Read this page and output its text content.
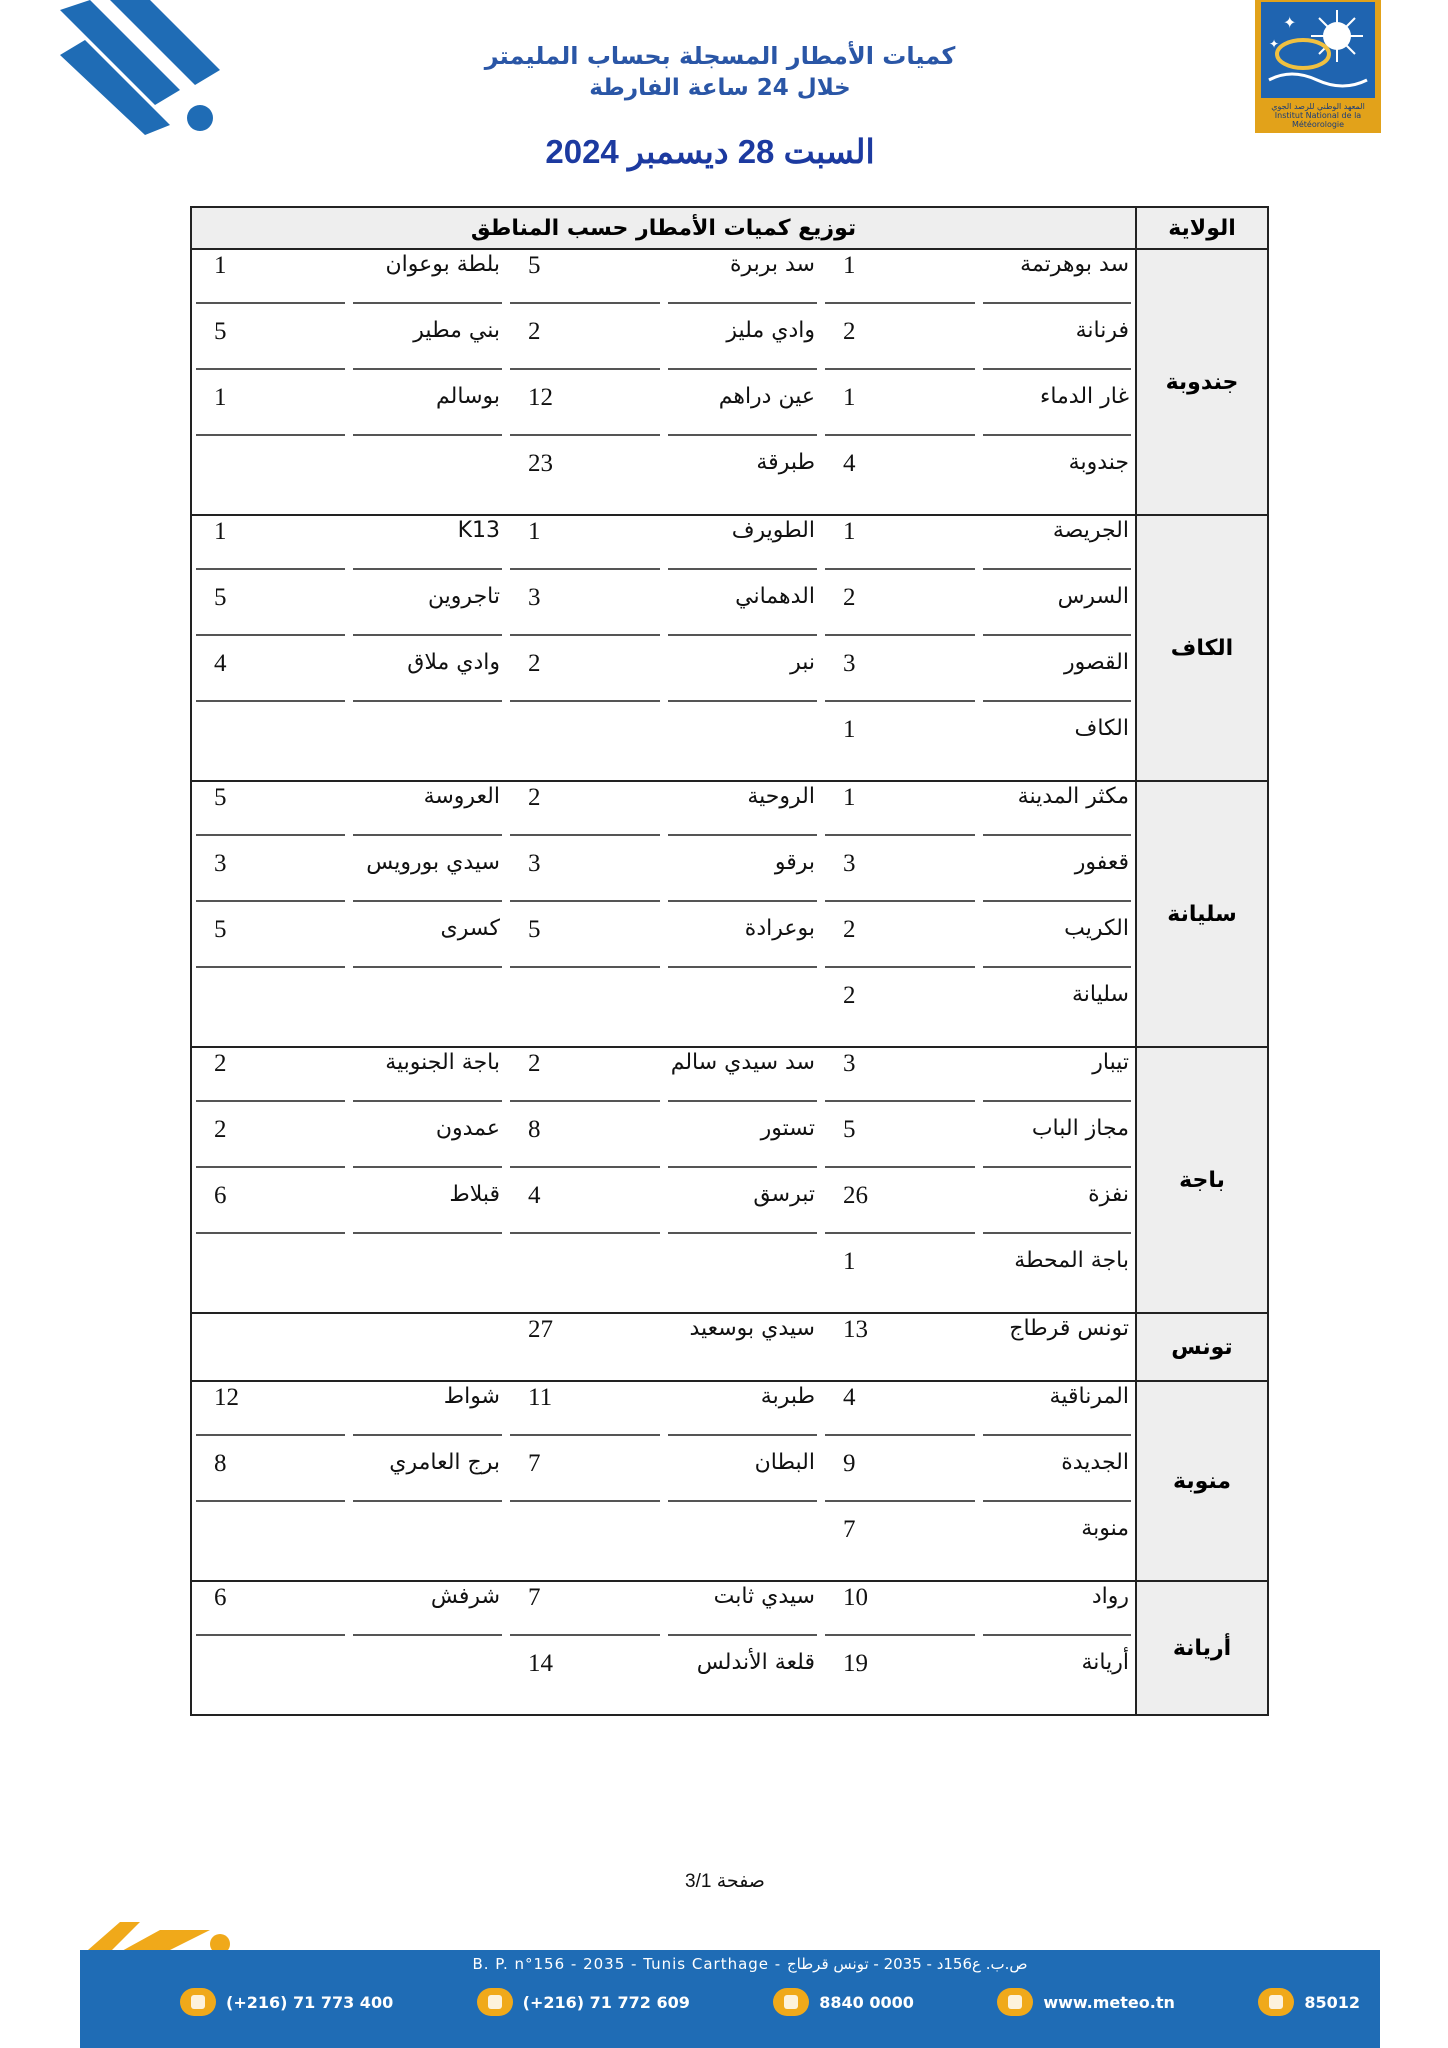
✦
✦
المعهد الوطني للرصد الجوي Institut National de la Météorologie
كميات الأمطار المسجلة بحساب المليمتر
خلال 24 ساعة الفارطة
السبت 28 ديسمبر 2024
الولاية	توزيع كميات الأمطار حسب المناطق					
جندوبة	سد بوهرتمة	1	سد بربرة	5	بلطة بوعوان	1

	فرنانة	2	وادي مليز	2	بني مطير	5

	غار الدماء	1	عين دراهم	12	بوسالم	1

	جندوبة	4	طبرقة	23		

الكاف	الجريصة	1	الطويرف	1	K13	1

	السرس	2	الدهماني	3	تاجروين	5

	القصور	3	نبر	2	وادي ملاق	4

	الكاف	1				

سليانة	مكثر المدينة	1	الروحية	2	العروسة	5

	قعفور	3	برقو	3	سيدي بورويس	3

	الكريب	2	بوعرادة	5	كسرى	5

	سليانة	2				

باجة	تيبار	3	سد سيدي سالم	2	باجة الجنوبية	2

	مجاز الباب	5	تستور	8	عمدون	2

	نفزة	26	تبرسق	4	قبلاط	6

	باجة المحطة	1				

تونس	تونس قرطاج	13	سيدي بوسعيد	27		

منوبة	المرناقية	4	طبربة	11	شواط	12

	الجديدة	9	البطان	7	برج العامري	8

	منوبة	7				

أريانة	رواد	10	سيدي ثابت	7	شرفش	6

	أريانة	19	قلعة الأندلس	14		

صفحة 3/1
B. P. n°156 - 2035 - Tunis Carthage - ص.ب. ع156د - 2035 - تونس قرطاج
(+216) 71 773 400	(+216) 71 772 609	8840 0000	www.meteo.tn	85012
